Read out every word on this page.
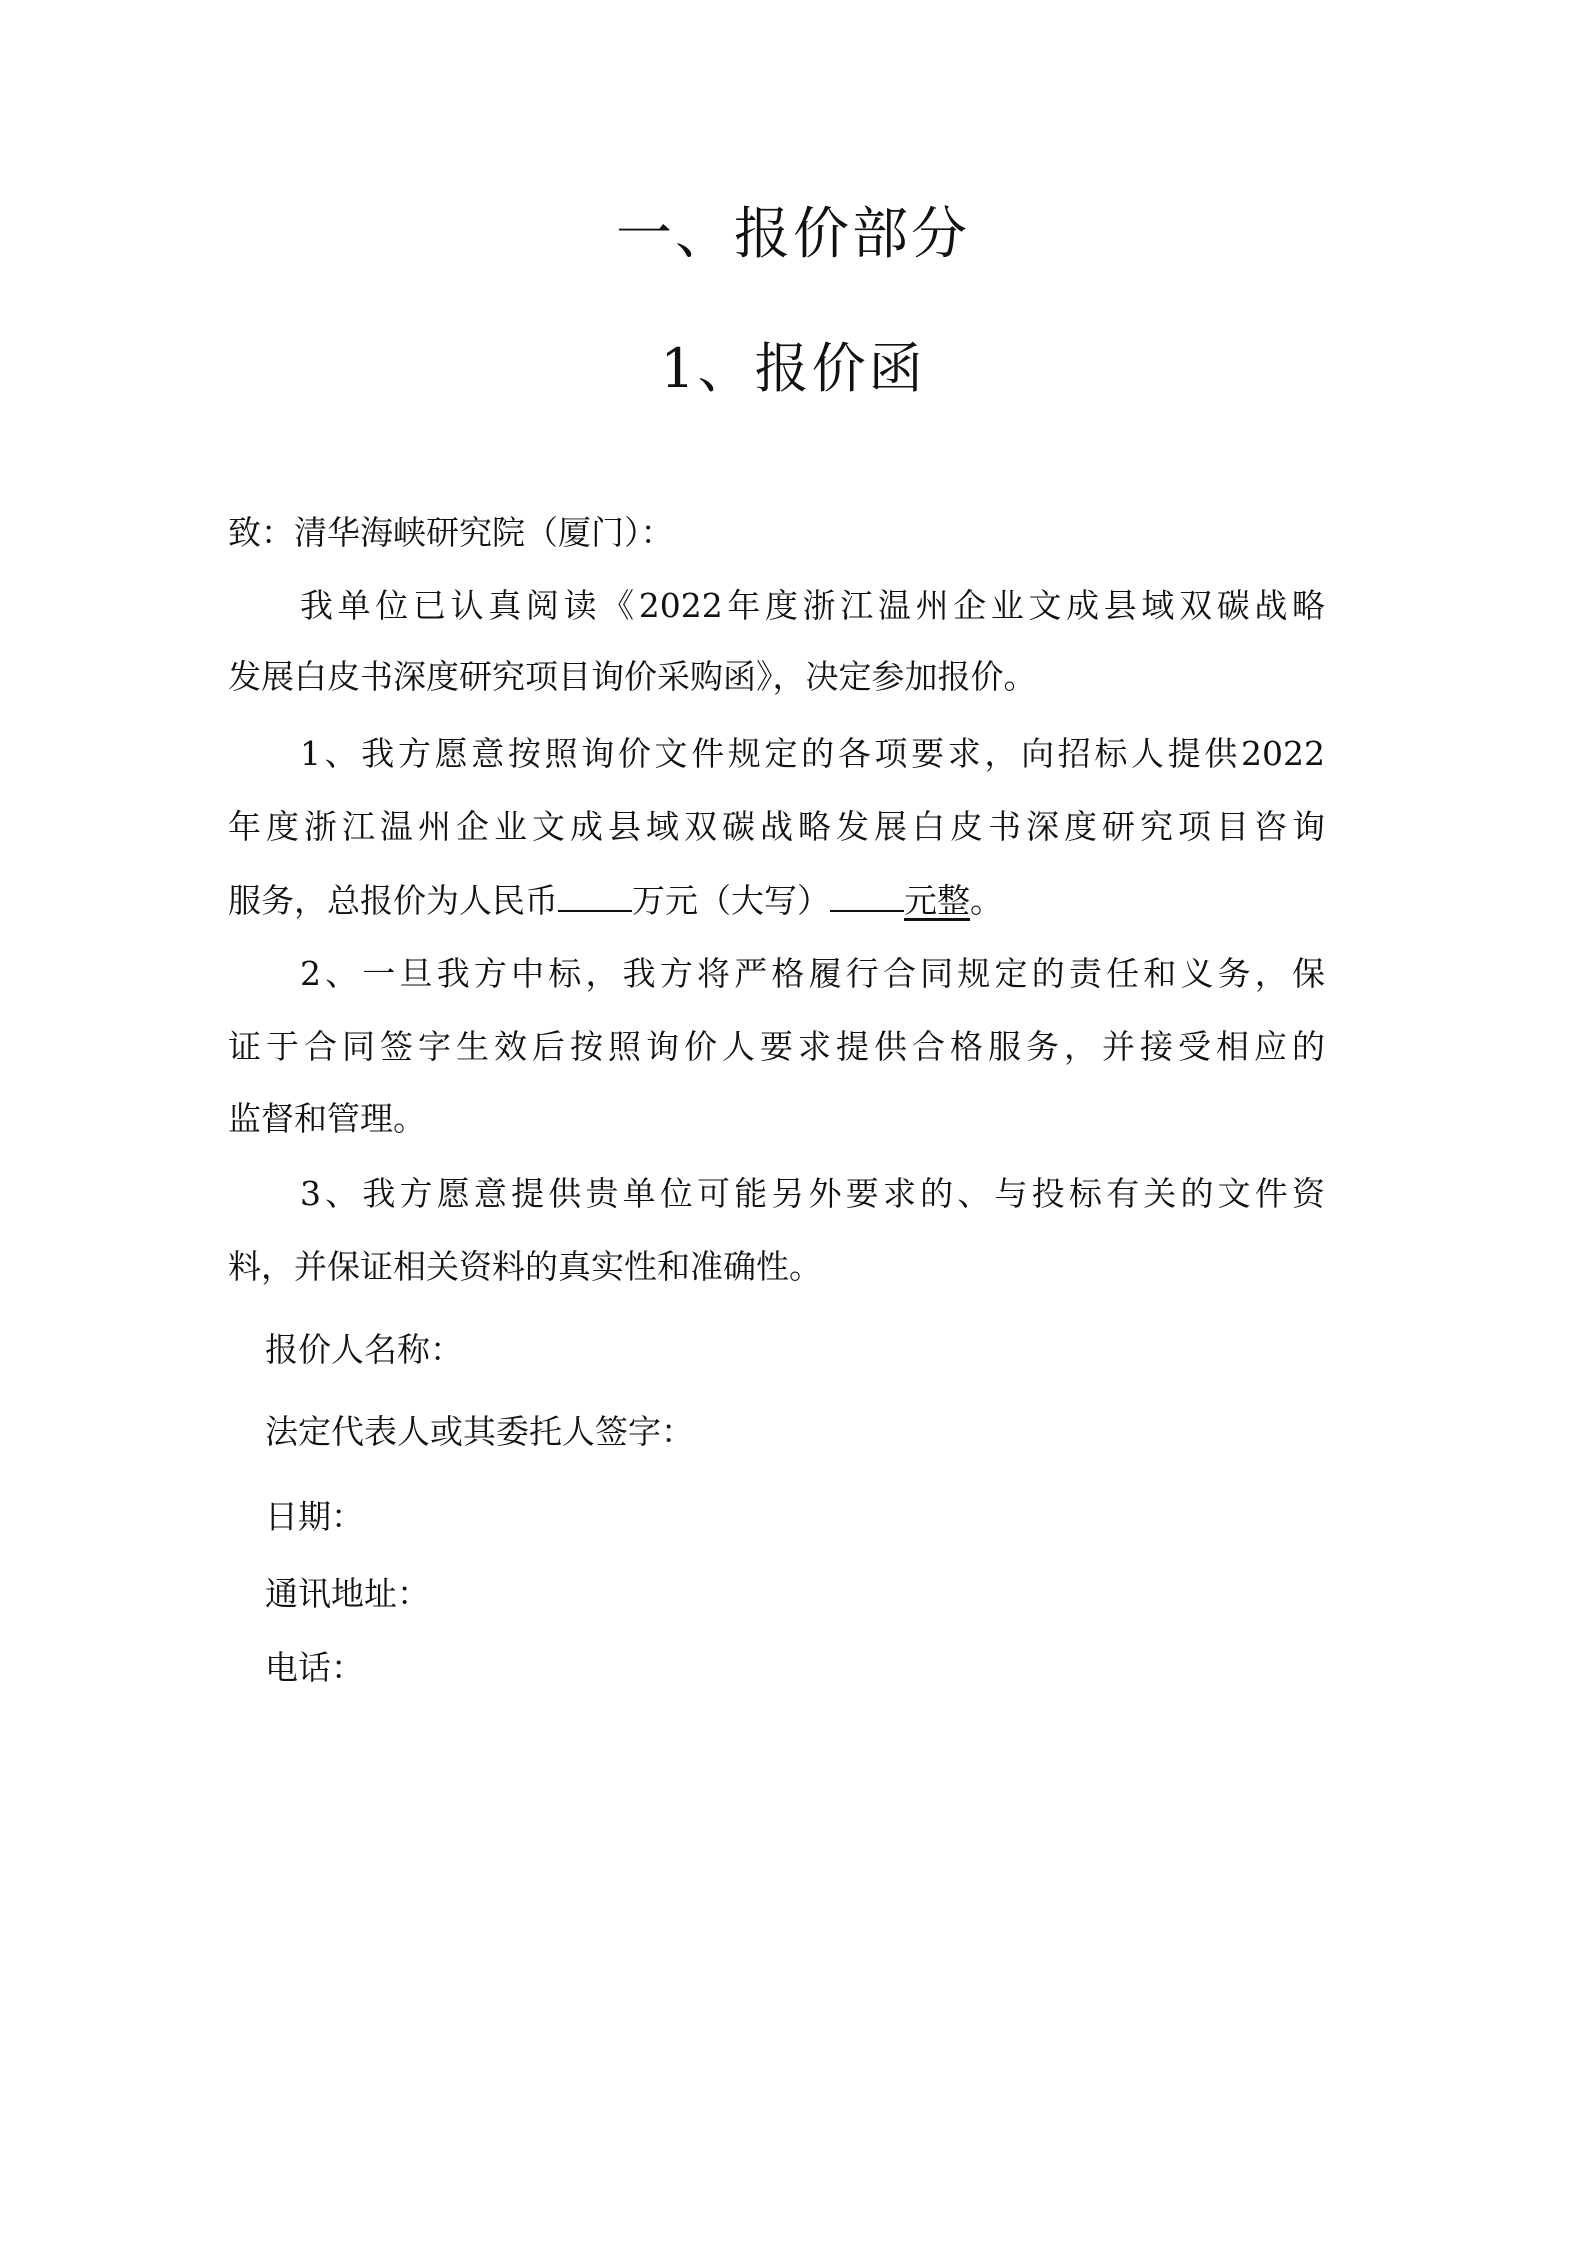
一、报价部分
1、报价函
致：清华海峡研究院（厦门）：
我单位已认真阅读《2022年度浙江温州企业文成县域双碳战略
发展白皮书深度研究项目询价采购函》，决定参加报价。
1、我方愿意按照询价文件规定的各项要求，向招标人提供2022
年度浙江温州企业文成县域双碳战略发展白皮书深度研究项目咨询
服务，总报价为人民币 万元（大写） 元整。
2、一旦我方中标，我方将严格履行合同规定的责任和义务，保
证于合同签字生效后按照询价人要求提供合格服务，并接受相应的
监督和管理。
3、我方愿意提供贵单位可能另外要求的、与投标有关的文件资
料，并保证相关资料的真实性和准确性。
报价人名称：
法定代表人或其委托人签字：
日期：
通讯地址：
电话：
